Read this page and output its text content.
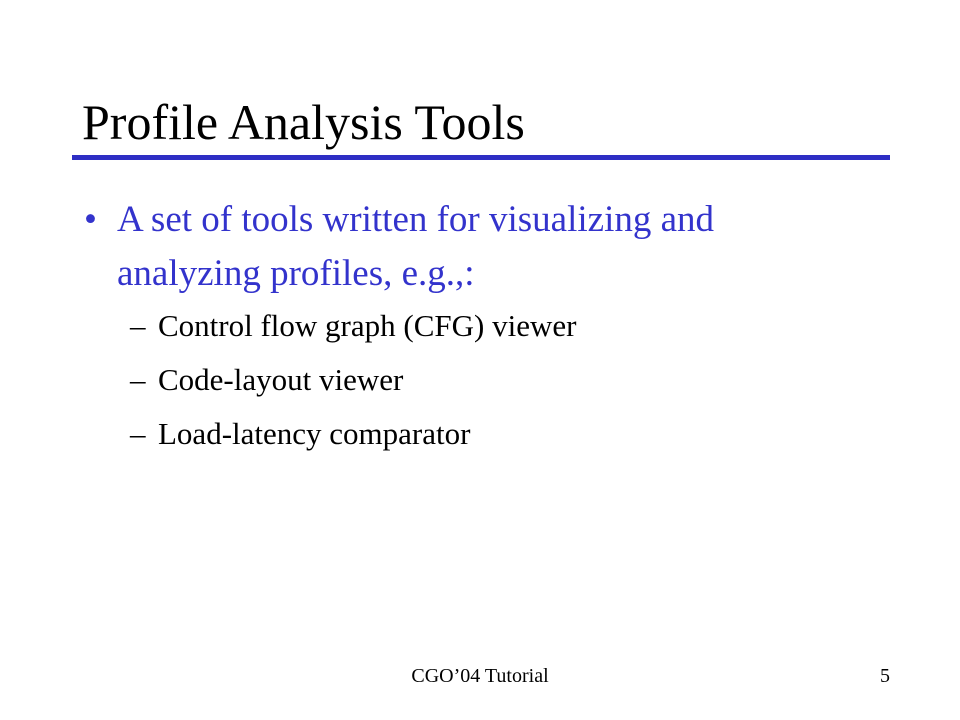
Profile Analysis Tools
• A set of tools written for visualizing and analyzing profiles, e.g.,:
– Control flow graph (CFG) viewer
– Code-layout viewer
– Load-latency comparator
CGO’04 Tutorial	5
